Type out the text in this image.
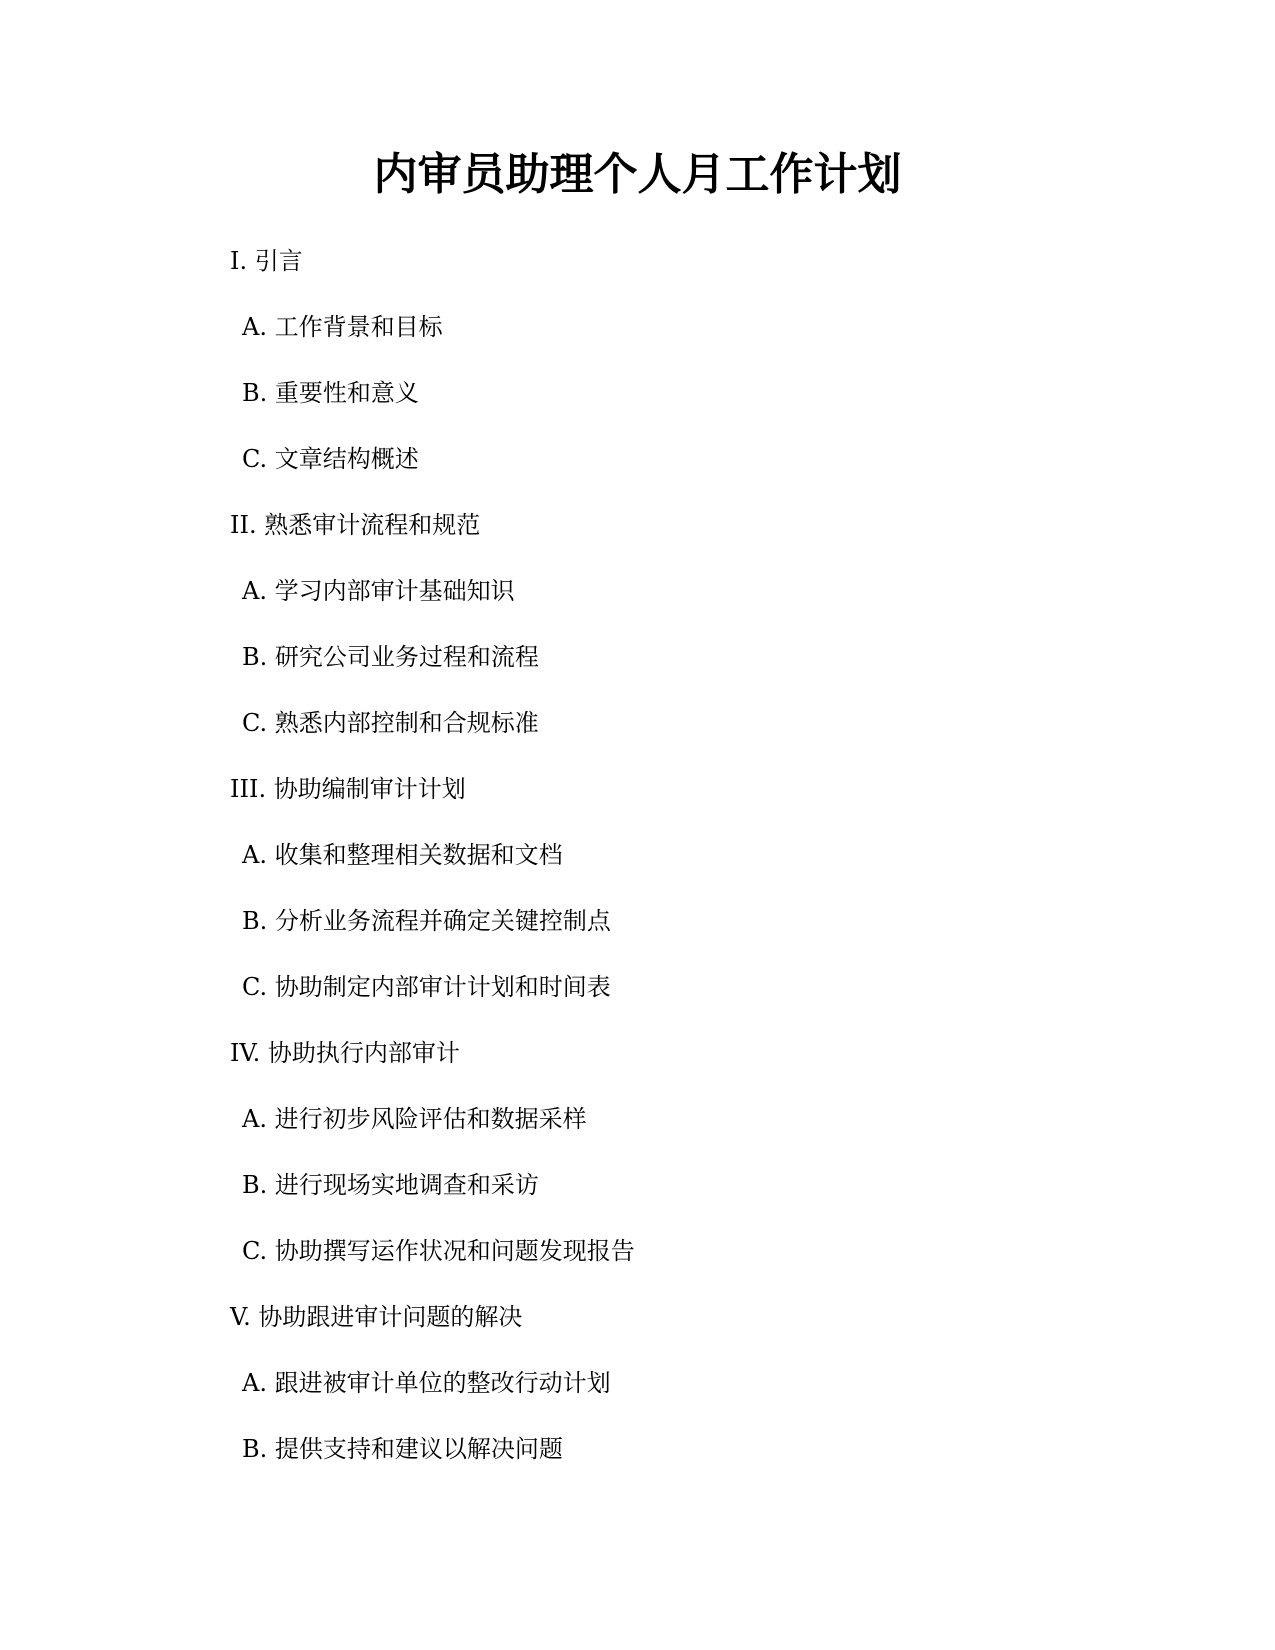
内审员助理个人月工作计划
I. 引言
A. 工作背景和目标
B. 重要性和意义
C. 文章结构概述
II. 熟悉审计流程和规范
A. 学习内部审计基础知识
B. 研究公司业务过程和流程
C. 熟悉内部控制和合规标准
III. 协助编制审计计划
A. 收集和整理相关数据和文档
B. 分析业务流程并确定关键控制点
C. 协助制定内部审计计划和时间表
IV. 协助执行内部审计
A. 进行初步风险评估和数据采样
B. 进行现场实地调查和采访
C. 协助撰写运作状况和问题发现报告
V. 协助跟进审计问题的解决
A. 跟进被审计单位的整改行动计划
B. 提供支持和建议以解决问题
